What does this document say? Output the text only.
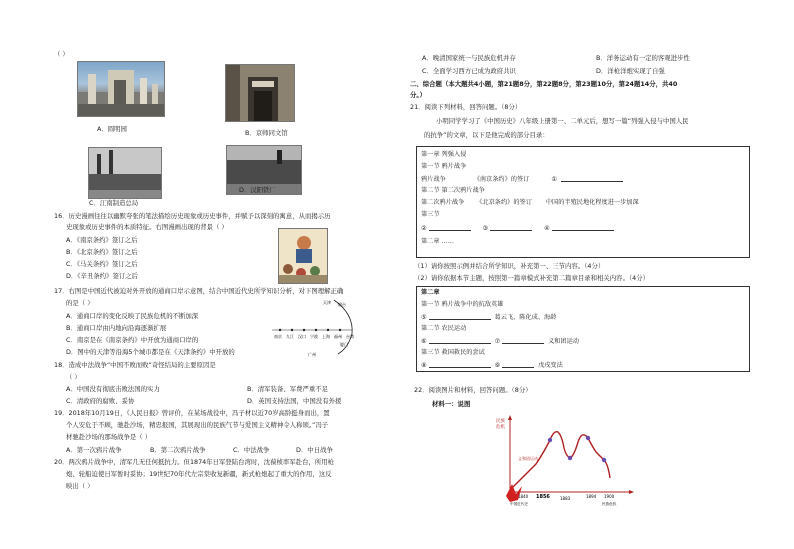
（ ）
A．圆明园	B．京师同文馆
C．江南制造总局
D．汉阳铁厂
16．历史漫画往往以幽默夸张的笔法描绘历史现象或历史事件，并赋予以深刻的寓意，从而揭示历
史现象或历史事件的本质特征。右图漫画出现的背景（ ）
A．《南京条约》签订之后
B．《北京条约》签订之后
C．《马关条约》签订之后
D．《辛丑条约》签订之后
17．右图是中国近代被迫对外开放的通商口岸示意图，结合中国近代史所学知识分析，对下图理解正确
的是（ ）
A．通商口岸的变化反映了民族危机的不断加深
B．通商口岸由内地向沿海逐渐扩展
C．南京是在《南京条约》中开放为通商口岸的
D．图中的天津等沿海5个城市都是在《天津条约》中开放的
天津 烟台
南京 九江 汉口 宁波 上海
广州
厦门
福州 台湾
18．造成中法战争“中国不败而败”奇怪结局的主要原因是
（ ）
A．中国没有彻底击败法国的实力	B．清军装备、军费严重不足
C．清政府的腐败、妥协	D．英国支持法国，中国没有外援
19．2018年10月19日，《人民日报》曾评价，在某场战役中，冯子材以近70岁高龄挺身而出，置
个人安危于不顾，驰赴沙场，精忠报国，其展现出的民族气节与爱国主义精神令人称颂。”冯子
材驰赴沙场的那场战争是（ ）
A．第一次鸦片战争	B．第二次鸦片战争	C．中法战争	D．中日战争
20．两次鸦片战争中，清军几无任何抵抗力。但1874年日军登陆台湾时，沈葆桢率军赴台，所用枪
炮、轮船迫使日军暂时妥协；19世纪70年代左宗棠收复新疆，新式枪炮起了重大的作用，这反
映出（ ）
A．晚清国家统一与民族危机并存	B．洋务运动有一定的客观进步性
C．全面学习西方已成为政府共识	D．洋枪洋炮实现了自强
二、综合题（本大题共4小题，第21题8分，第22题8分，第23题10分，第24题14分，共40
分。）
21．阅读下列材料，回答问题。（8分）
小明同学学习了《中国历史》八年级上册第一、二单元后，想写一篇“列强入侵与中国人民
的抗争”的文章，以下是他完成的部分目录：
第一章 列强入侵
第一节 鸦片战争
鸦片战争	《南京条约》的签订	①
第二节 第二次鸦片战争
第二次鸦片战争 《北京条约》的签订 中国的半殖民地化程度进一步加深
第三节
②	③	④
第二章 ……
（1）请你按照示例并结合所学知识，补充第一、三节内容。（4分）
（2）请你依据本节主题，按照第一篇章模式补充第二篇章目录和相关内容。（4分）
第二章
第一节 鸦片战争中的抗敌英雄
⑤	葛云飞、陈化成、海龄
第二节 农民运动
⑥	⑦	义和团运动
第三节 救国救民的尝试
⑧	⑨	戊戌变法
22．阅读图片和材料，回答问题。（8分）
材料一：说图
民族
危机
义和团运动
1840 1856	1883	1894 1900
中国近代史	民族危机
